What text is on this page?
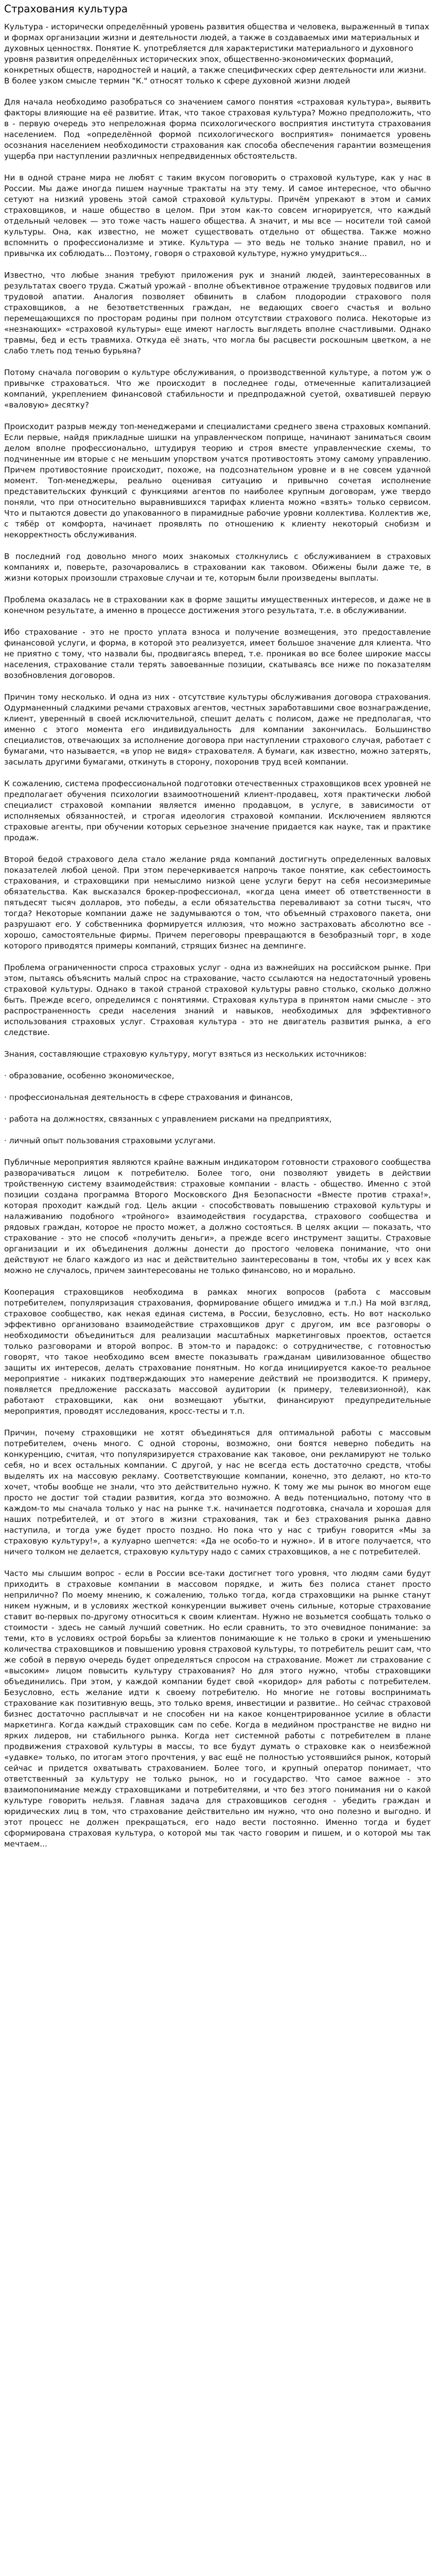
Страхования культура

Культура - исторически определённый уровень развития общества и человека, выраженный в типах и формах организации жизни и деятельности людей, а также в создаваемых ими материальных и духовных ценностях. Понятие К. употребляется для характеристики материального и духовного уровня развития определённых исторических эпох, общественно-экономических формаций, конкретных обществ, народностей и наций, а также специфических сфер деятельности или жизни. В более узком смысле термин "К." относят только к сфере духовной жизни людей

Для начала необходимо разобраться со значением самого понятия «страховая культура», выявить факторы влияющие на её развитие. Итак, что такое страховая культура? Можно предположить, что в - первую очередь это непреложная форма психологического восприятия института страхования населением. Под «определённой формой психологического восприятия» понимается уровень осознания населением необходимости страхования как способа обеспечения гарантии возмещения ущерба при наступлении различных непредвиденных обстоятельств.

Ни в одной стране мира не любят с таким вкусом поговорить о страховой культуре, как у нас в России. Мы даже иногда пишем научные трактаты на эту тему. И самое интересное, что обычно сетуют на низкий уровень этой самой страховой культуры. Причём упрекают в этом и самих страховщиков, и наше общество в целом. При этом как-то совсем игнорируется, что каждый отдельный человек — это тоже часть нашего общества. А значит, и мы все — носители той самой культуры. Она, как известно, не может существовать отдельно от общества. Также можно вспомнить о профессионализме и этике. Культура — это ведь не только знание правил, но и привычка их соблюдать... Поэтому, говоря о страховой культуре, нужно умудриться...

Известно, что любые знания требуют приложения рук и знаний людей, заинтересованных в результатах своего труда. Сжатый урожай - вполне объективное отражение трудовых подвигов или трудовой апатии. Аналогия позволяет обвинить в слабом плодородии страхового поля страховщиков, а не безответственных граждан, не ведающих своего счастья и вольно перемещающихся по просторам родины при полном отсутствии страхового полиса. Некоторые из «незнающих» «страховой культуры» еще имеют наглость выглядеть вполне счастливыми. Однако травмы, бед и есть травмиха. Откуда её знать, что могла бы расцвести роскошным цветком, а не слабо тлеть под тенью бурьяна?

Потому сначала поговорим о культуре обслуживания, о производственной культуре, а потом уж о привычке страховаться. Что же происходит в последнее годы, отмеченные капитализацией компаний, укреплением финансовой стабильности и предпродажной суетой, охватившей первую «валовую» десятку?

Происходит разрыв между топ-менеджерами и специалистами среднего звена страховых компаний. Если первые, найдя прикладные шишки на управленческом поприще, начинают заниматься своим делом вполне профессионально, штудируя теорию и строя вместе управленческие схемы, то подчиненные им вторые с не меньшим упорством учатся противостоять этому самому управлению. Причем противостояние происходит, похоже, на подсознательном уровне и в не совсем удачной момент. Топ-менеджеры, реально оценивая ситуацию и привычно сочетая исполнение представительских функций с функциями агентов по наиболее крупным договорам, уже твердо поняли, что при относительно выравнившихся тарифах клиента можно «взять» только сервисом. Что и пытаются довести до упакованного в пирамидные рабочие уровни коллектива. Коллектив же, с тябёр от комфорта, начинает проявлять по отношению к клиенту некоторый снобизм и некорректность обслуживания.

В последний год довольно много моих знакомых столкнулись с обслуживанием в страховых компаниях и, поверьте, разочаровались в страховании как таковом. Обижены были даже те, в жизни которых произошли страховые случаи и те, которым были произведены выплаты.

Проблема оказалась не в страховании как в форме защиты имущественных интересов, и даже не в конечном результате, а именно в процессе достижения этого результата, т.е. в обслуживании.

Ибо страхование - это не просто уплата взноса и получение возмещения, это предоставление финансовой услуги, и форма, в которой это реализуется, имеет большое значение для клиента. Что не приятно с тому, что назвали бы, продвигаясь вперед, т.е. проникая во все более широкие массы населения, страхование стали терять завоеванные позиции, скатываясь все ниже по показателям возобновления договоров.

Причин тому несколько. И одна из них - отсутствие культуры обслуживания договора страхования. Одурманенный сладкими речами страховых агентов, честных заработавшими свое вознаграждение, клиент, уверенный в своей исключительной, спешит делать с полисом, даже не предполагая, что именно с этого момента его индивидуальность для компании закончилась. Большинство специалистов, отвечающих за исполнение договора при наступлении страхового случая, работает с бумагами, что называется, «в упор не видя» страхователя. А бумаги, как известно, можно затерять, засылать другими бумагами, откинуть в сторону, похоронив труд всей компании.

К сожалению, система профессиональной подготовки отечественных страховщиков всех уровней не предполагает обучения психологии взаимоотношений клиент-продавец, хотя практически любой специалист страховой компании является именно продавцом, в услуге, в зависимости от исполняемых обязанностей, и строгая идеология страховой компании. Исключением являются страховые агенты, при обучении которых серьезное значение придается как науке, так и практике продаж.

Второй бедой страхового дела стало желание ряда компаний достигнуть определенных валовых показателей любой ценой. При этом перечеркивается напрочь такое понятие, как себестоимость страхования, и страховщики при немыслимо низкой цене услуги берут на себя несоизмеримые обязательства. Как высказался брокер-профессионал, «когда цена имеет об ответственности в пятьдесят тысяч долларов, это победы, а если обязательства переваливают за сотни тысяч, что тогда? Некоторые компании даже не задумываются о том, что объемный страхового пакета, они разрушают его. У собственника формируется иллюзия, что можно застраховать абсолютно все - хорошо, самостоятельные фирмы. Причем переговоры превращаются в безобразный торг, в ходе которого приводятся примеры компаний, стрящих бизнес на демпинге.

Проблема ограниченности спроса страховых услуг - одна из важнейших на российском рынке. При этом, пытаясь объяснить малый спрос на страхование, часто ссылаются на недостаточный уровень страховой культуры. Однако в такой страной страховой культуры равно столько, сколько должно быть. Прежде всего, определимся с понятиями. Страховая культура в принятом нами смысле - это распространенность среди населения знаний и навыков, необходимых для эффективного использования страховых услуг. Страховая культура - это не двигатель развития рынка, а его следствие.

Знания, составляющие страховую культуру, могут взяться из нескольких источников:

· образование, особенно экономическое,

· профессиональная деятельность в сфере страхования и финансов,

· работа на должностях, связанных с управлением рисками на предприятиях,

· личный опыт пользования страховыми услугами.

Публичные мероприятия являются крайне важным индикатором готовности страхового сообщества разворачиваться лицом к потребителю. Более того, они позволяют увидеть в действии тройственную систему взаимодействия: страховые компании - власть - общество. Именно с этой позиции создана программа Второго Московского Дня Безопасности «Вместе против страха!», которая проходит каждый год. Цель акции - способствовать повышению страховой культуры и налаживанию подобного «тройного» взаимодействия государства, страхового сообщества и рядовых граждан, которое не просто может, а должно состояться. В целях акции — показать, что страхование - это не способ «получить деньги», а прежде всего инструмент защиты. Страховые организации и их объединения должны донести до простого человека понимание, что они действуют не благо каждого из нас и действительно заинтересованы в том, чтобы их у всех как можно не случалось, причем заинтересованы не только финансово, но и морально.

Кооперация страховщиков необходима в рамках многих вопросов (работа с массовым потребителем, популяризация страхования, формирование общего имиджа и т.п.) На мой взгляд, страховое сообщество, как некая единая система, в России, безусловно, есть. Но вот насколько эффективно организовано взаимодействие страховщиков друг с другом, им все разговоры о необходимости объединиться для реализации масштабных маркетинговых проектов, остается только разговорами и второй вопрос. В этом-то и парадокс: о сотрудничестве, с готовностью говорят, что такое необходимо всем вместе показывать гражданам цивилизованное общество защиты их интересов, делать страхование понятным. Но когда инициируется какое-то реальное мероприятие - никаких подтверждающих это намерение действий не производится. К примеру, появляется предложение рассказать массовой аудитории (к примеру, телевизионной), как работают страховщики, как они возмещают убытки, финансируют предупредительные мероприятия, проводят исследования, кросс-тесты и т.п.

Причин, почему страховщики не хотят объединяться для оптимальной работы с массовым потребителем, очень много. С одной стороны, возможно, они боятся неверно победить на конкуренцию, считая, что популяризируется страхование как таковое, они рекламируют не только себя, но и всех остальных компании. С другой, у нас не всегда есть достаточно средств, чтобы выделять их на массовую рекламу. Соответствующие компании, конечно, это делают, но кто-то хочет, чтобы вообще не знали, что это действительно нужно. К тому же мы рынок во многом еще просто не достиг той стадии развития, когда это возможно. А ведь потенциально, потому что в каждом-то мы сначала только у нас на рынке т.к. начинается подготовка, сначала и хорошая для наших потребителей, и от этого в жизни страхования, так и без страхования рынка давно наступила, и тогда уже будет просто поздно. Но пока что у нас с трибун говорится «Мы за страховую культуру!», а кулуарно шепчется: «Да не особо-то и нужно». И в итоге получается, что ничего толком не делается, страховую культуру надо с самих страховщиков, а не с потребителей.

Часто мы слышим вопрос - если в России все-таки достигнет того уровня, что людям сами будут приходить в страховые компании в массовом порядке, и жить без полиса станет просто неприлично? По моему мнению, к сожалению, только тогда, когда страховщики на рынке станут никем нужным, и в условиях жесткой конкуренции выживет очень сильные, которые страхование ставит во-первых по-другому относиться к своим клиентам. Нужно не возьмется сообщать только о стоимости - здесь не самый лучший советник. Но если сравнить, то это очевидное понимание: за теми, кто в условиях острой борьбы за клиентов понимающие к не только в сроки и уменьшению количества страховщиков и повышению уровня страховой культуры, то потребитель решит сам, что же собой в первую очередь будет определяться спросом на страхование. Может ли страхование с «высоким» лицом повысить культуру страхования? Но для этого нужно, чтобы страховщики объединились. При этом, у каждой компании будет свой «коридор» для работы с потребителем. Безусловно, есть желание идти к своему потребителю. Но многие не готовы воспринимать страхование как позитивную вещь, это только время, инвестиции и развитие.. Но сейчас страховой бизнес достаточно расплывчат и не способен ни на какое концентрированное усилие в области маркетинга. Когда каждый страховщик сам по себе. Когда в медийном пространстве не видно ни ярких лидеров, ни стабильного рынка. Когда нет системной работы с потребителем в плане продвижения страховой культуры в массы, то все будут думать о страховке как о неизбежной «удавке» только, по итогам этого прочтения, у вас ещё не полностью устоявшийся рынок, который сейчас и придется охватывать страхованием. Более того, и крупный оператор понимает, что ответственный за культуру не только рынок, но и государство. Что самое важное - это взаимопонимание между страховщиками и потребителями, и что без этого понимания ни о какой культуре говорить нельзя. Главная задача для страховщиков сегодня - убедить граждан и юридических лиц в том, что страхование действительно им нужно, что оно полезно и выгодно. И этот процесс не должен прекращаться, его надо вести постоянно. Именно тогда и будет сформирована страховая культура, о которой мы так часто говорим и пишем, и о которой мы так мечтаем...
